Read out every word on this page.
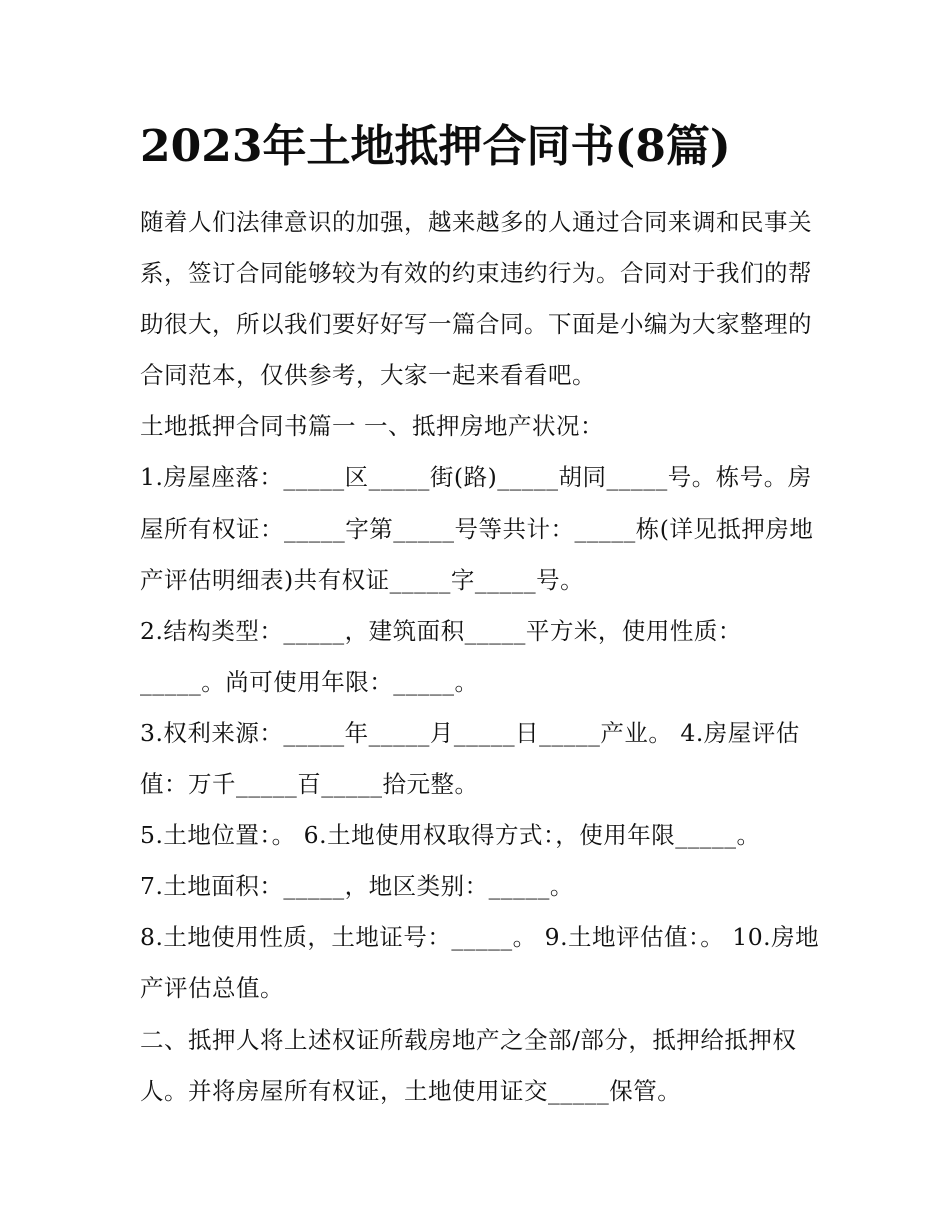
2023年土地抵押合同书(8篇)

随着人们法律意识的加强，越来越多的人通过合同来调和民事关系，签订合同能够较为有效的约束违约行为。合同对于我们的帮助很大，所以我们要好好写一篇合同。下面是小编为大家整理的合同范本，仅供参考，大家一起来看看吧。

土地抵押合同书篇一 一、抵押房地产状况：

1.房屋座落：_____区_____街(路)_____胡同_____号。栋号。房屋所有权证：_____字第_____号等共计：_____栋(详见抵押房地产评估明细表)共有权证_____字_____号。

2.结构类型：_____，建筑面积_____平方米，使用性质：_____。尚可使用年限：_____。

3.权利来源：_____年_____月_____日_____产业。 4.房屋评估值：万千_____百_____拾元整。

5.土地位置：。 6.土地使用权取得方式：，使用年限_____。

7.土地面积：_____，地区类别：_____。

8.土地使用性质，土地证号：_____。 9.土地评估值：。 10.房地产评估总值。

二、抵押人将上述权证所载房地产之全部/部分，抵押给抵押权人。并将房屋所有权证，土地使用证交_____保管。
